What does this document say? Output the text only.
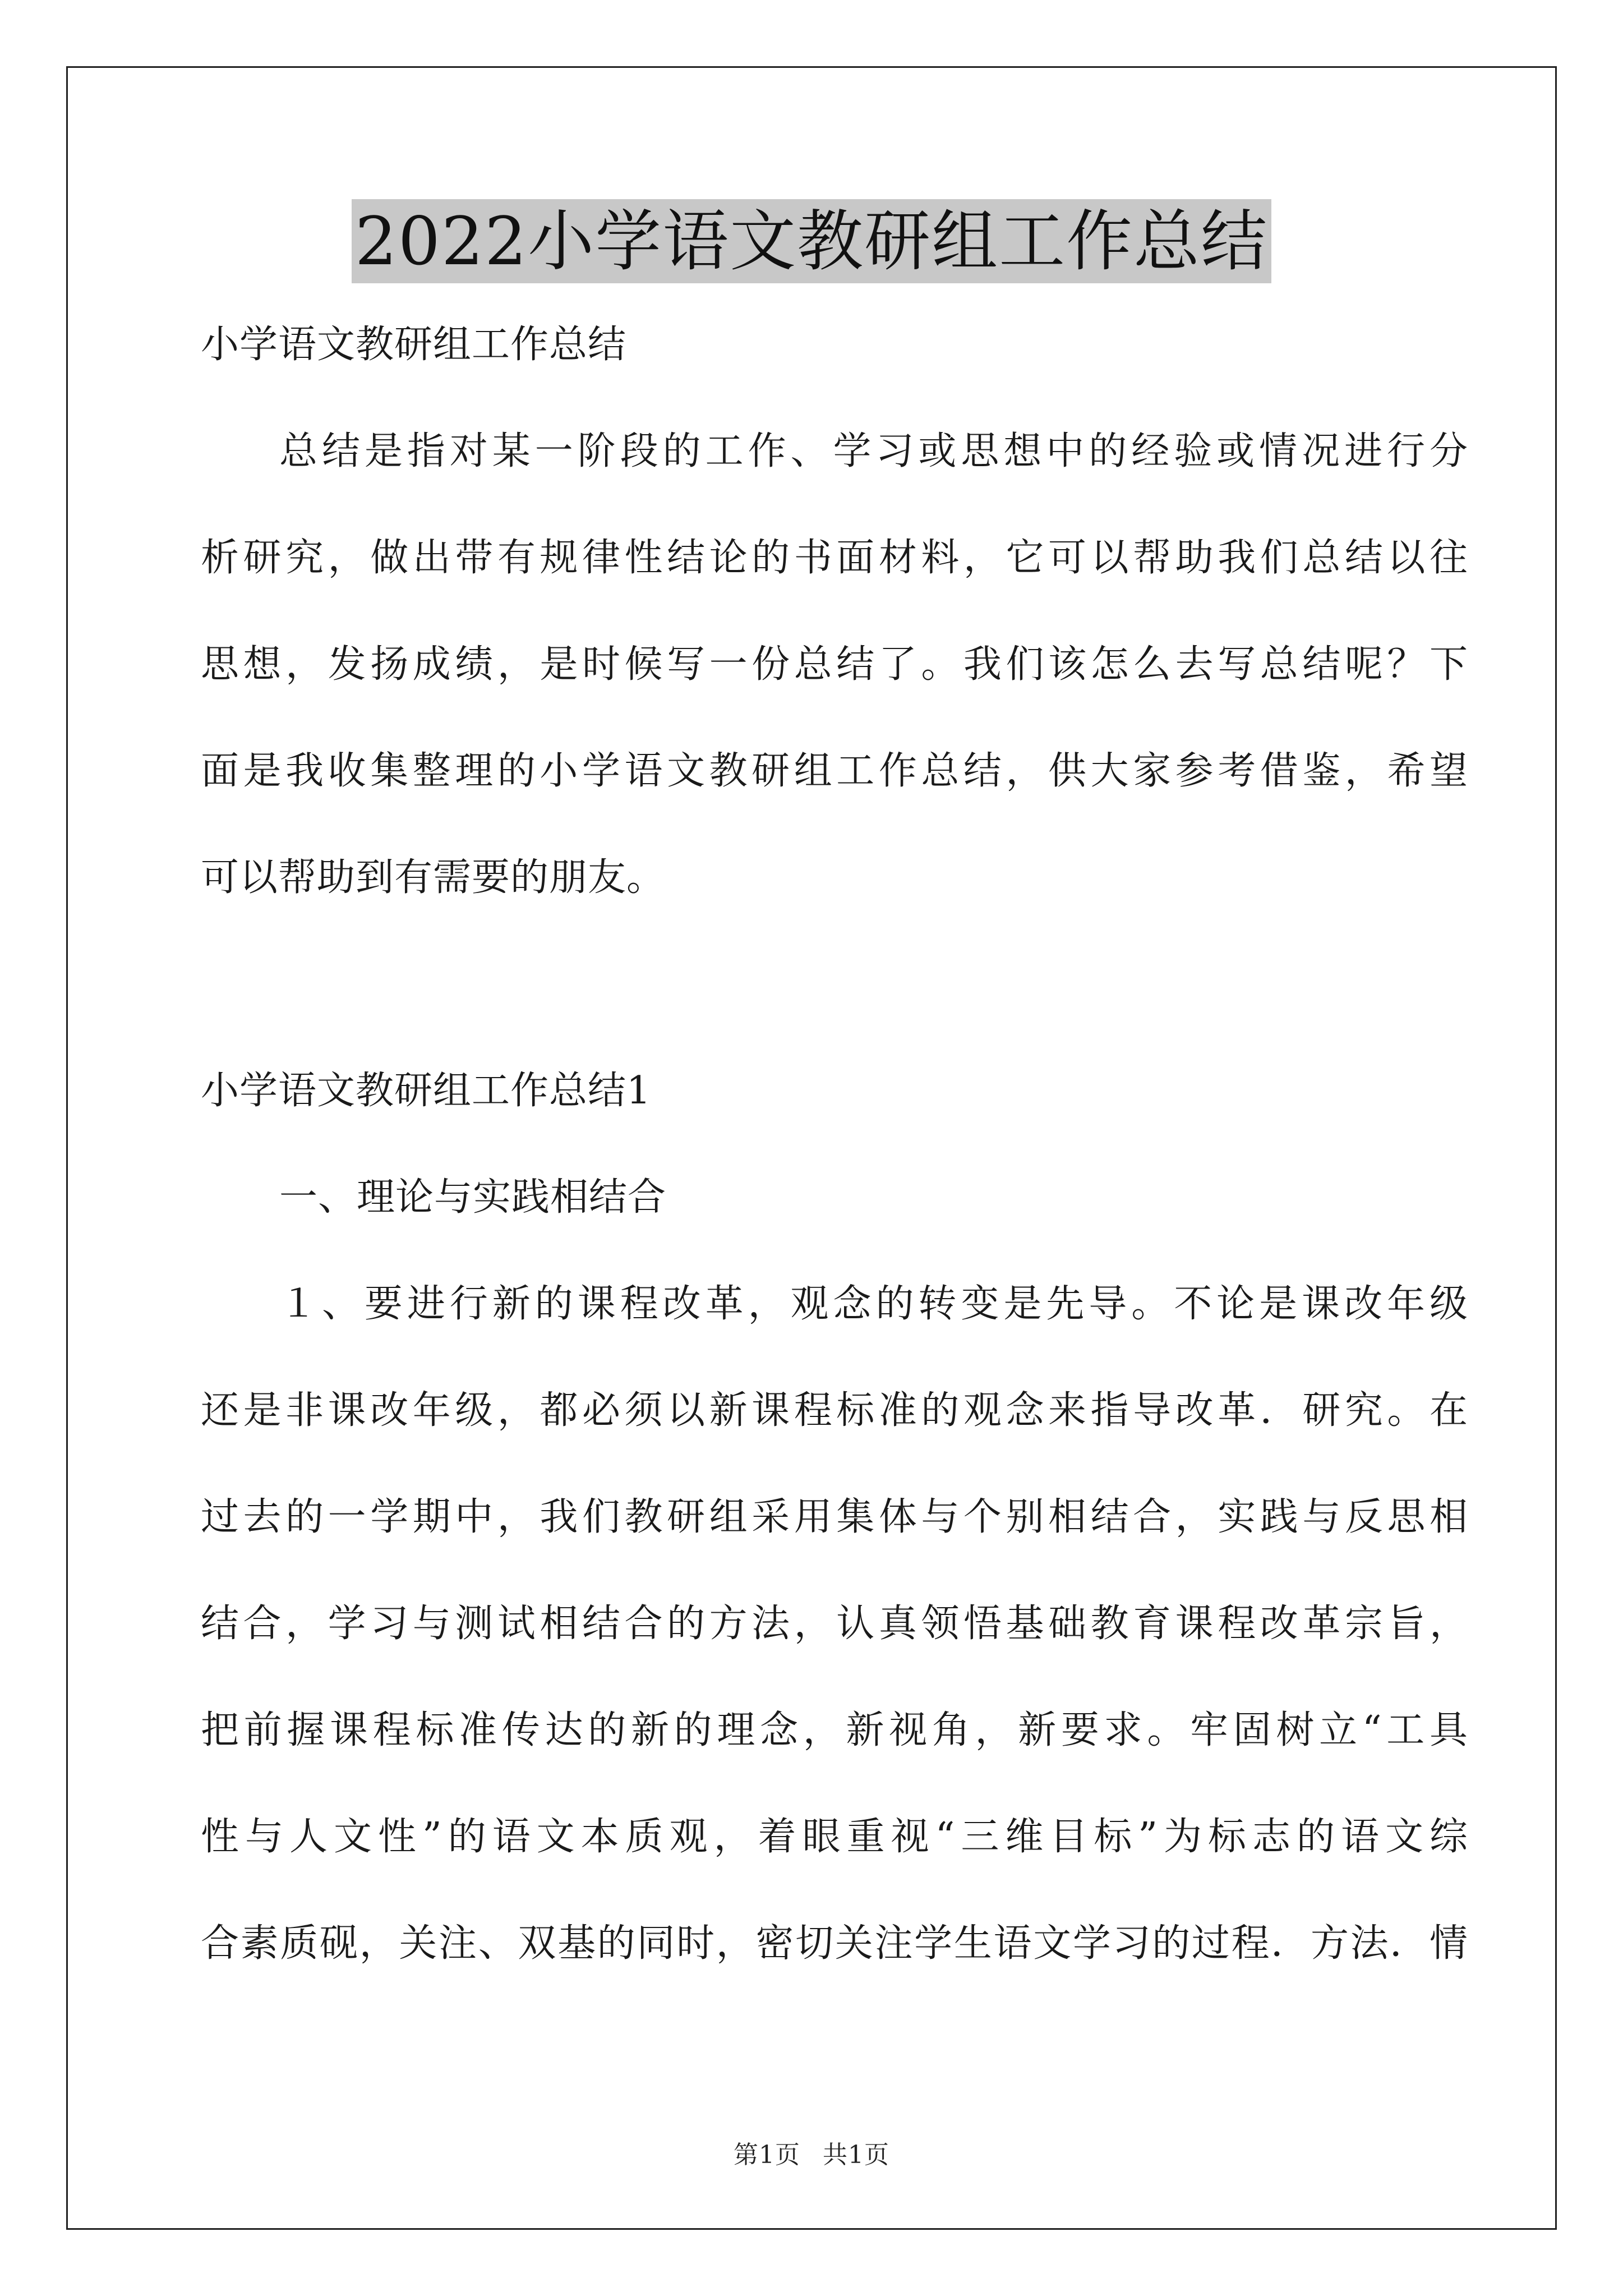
2022小学语文教研组工作总结
小学语文教研组工作总结
总结是指对某一阶段的工作、学习或思想中的经验或情况进行分
析研究，做出带有规律性结论的书面材料，它可以帮助我们总结以往
思想，发扬成绩，是时候写一份总结了。我们该怎么去写总结呢？下
面是我收集整理的小学语文教研组工作总结，供大家参考借鉴，希望
可以帮助到有需要的朋友。
小学语文教研组工作总结1
一、理论与实践相结合
１、要进行新的课程改革，观念的转变是先导。不论是课改年级
还是非课改年级，都必须以新课程标准的观念来指导改革．研究。在
过去的一学期中，我们教研组采用集体与个别相结合，实践与反思相
结合，学习与测试相结合的方法，认真领悟基础教育课程改革宗旨，
把前握课程标准传达的新的理念，新视角，新要求。牢固树立“工具
性与人文性”的语文本质观，着眼重视“三维目标”为标志的语文综
合素质砚，关注、双基的同时，密切关注学生语文学习的过程．方法．情
第1页 共1页
